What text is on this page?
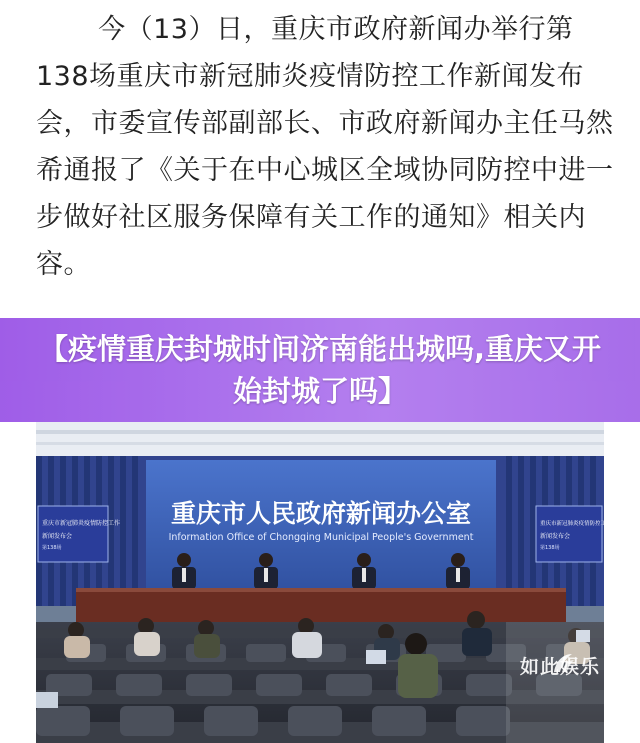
今（13）日，重庆市政府新闻办举行第138场重庆市新冠肺炎疫情防控工作新闻发布会，市委宣传部副部长、市政府新闻办主任马然希通报了《关于在中心城区全域协同防控中进一步做好社区服务保障有关工作的通知》相关内容。

重庆市人民政府新闻办公室
Information Office of Chongqing Municipal People's Government
重庆市新冠肺炎疫情防控工作
新闻发布会
第138场
重庆市新冠肺炎疫情防控工作
新闻发布会
第138场
如此娱乐

【疫情重庆封城时间济南能出城吗,重庆又开始封城了吗】
